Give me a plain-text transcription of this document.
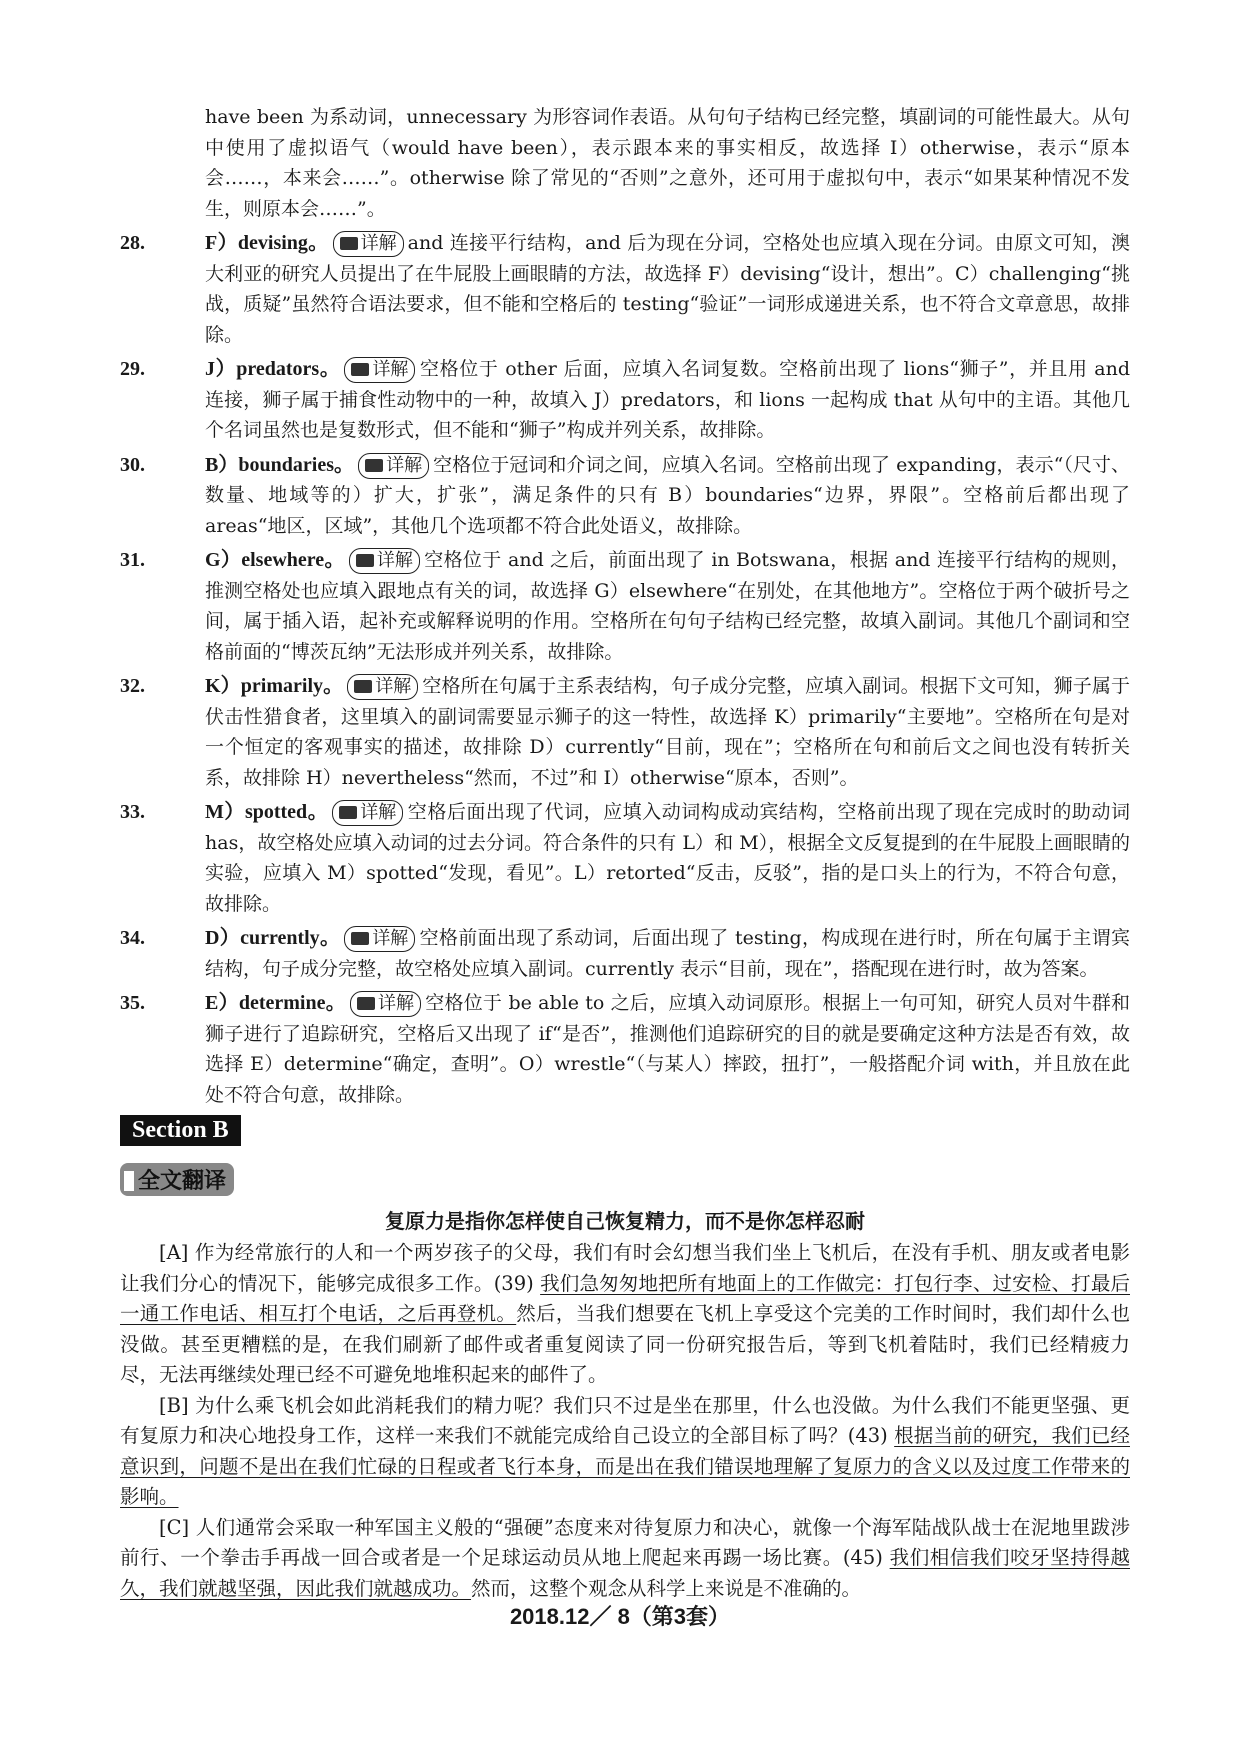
have been 为系动词，unnecessary 为形容词作表语。从句句子结构已经完整，填副词的可能性最大。从句中使用了虚拟语气（would have been），表示跟本来的事实相反，故选择 I）otherwise，表示“原本会……，本来会……”。otherwise 除了常见的“否则”之意外，还可用于虚拟句中，表示“如果某种情况不发生，则原本会……”。

28.	F）devising。 详解 and 连接平行结构，and 后为现在分词，空格处也应填入现在分词。由原文可知，澳大利亚的研究人员提出了在牛屁股上画眼睛的方法，故选择 F）devising“设计，想出”。C）challenging“挑战，质疑”虽然符合语法要求，但不能和空格后的 testing“验证”一词形成递进关系，也不符合文章意思，故排除。
29.	J）predators。 详解 空格位于 other 后面，应填入名词复数。空格前出现了 lions“狮子”，并且用 and 连接，狮子属于捕食性动物中的一种，故填入 J）predators，和 lions 一起构成 that 从句中的主语。其他几个名词虽然也是复数形式，但不能和“狮子”构成并列关系，故排除。
30.	B）boundaries。 详解 空格位于冠词和介词之间，应填入名词。空格前出现了 expanding，表示“（尺寸、数量、地域等的）扩大，扩张”，满足条件的只有 B）boundaries“边界，界限”。空格前后都出现了 areas“地区，区域”，其他几个选项都不符合此处语义，故排除。
31.	G）elsewhere。 详解 空格位于 and 之后，前面出现了 in Botswana，根据 and 连接平行结构的规则，推测空格处也应填入跟地点有关的词，故选择 G）elsewhere“在别处，在其他地方”。空格位于两个破折号之间，属于插入语，起补充或解释说明的作用。空格所在句句子结构已经完整，故填入副词。其他几个副词和空格前面的“博茨瓦纳”无法形成并列关系，故排除。
32.	K）primarily。 详解 空格所在句属于主系表结构，句子成分完整，应填入副词。根据下文可知，狮子属于伏击性猎食者，这里填入的副词需要显示狮子的这一特性，故选择 K）primarily“主要地”。空格所在句是对一个恒定的客观事实的描述，故排除 D）currently“目前，现在”；空格所在句和前后文之间也没有转折关系，故排除 H）nevertheless“然而，不过”和 I）otherwise“原本，否则”。
33.	M）spotted。 详解 空格后面出现了代词，应填入动词构成动宾结构，空格前出现了现在完成时的助动词 has，故空格处应填入动词的过去分词。符合条件的只有 L）和 M），根据全文反复提到的在牛屁股上画眼睛的实验，应填入 M）spotted“发现，看见”。L）retorted“反击，反驳”，指的是口头上的行为，不符合句意，故排除。
34.	D）currently。 详解 空格前面出现了系动词，后面出现了 testing，构成现在进行时，所在句属于主谓宾结构，句子成分完整，故空格处应填入副词。currently 表示“目前，现在”，搭配现在进行时，故为答案。
35.	E）determine。 详解 空格位于 be able to 之后，应填入动词原形。根据上一句可知，研究人员对牛群和狮子进行了追踪研究，空格后又出现了 if“是否”，推测他们追踪研究的目的就是要确定这种方法是否有效，故选择 E）determine“确定，查明”。O）wrestle“（与某人）摔跤，扭打”，一般搭配介词 with，并且放在此处不符合句意，故排除。
Section B
全文翻译
复原力是指你怎样使自己恢复精力，而不是你怎样忍耐

[A] 作为经常旅行的人和一个两岁孩子的父母，我们有时会幻想当我们坐上飞机后，在没有手机、朋友或者电影让我们分心的情况下，能够完成很多工作。(39) 我们急匆匆地把所有地面上的工作做完：打包行李、过安检、打最后一通工作电话、相互打个电话，之后再登机。然后，当我们想要在飞机上享受这个完美的工作时间时，我们却什么也没做。甚至更糟糕的是，在我们刷新了邮件或者重复阅读了同一份研究报告后，等到飞机着陆时，我们已经精疲力尽，无法再继续处理已经不可避免地堆积起来的邮件了。

[B] 为什么乘飞机会如此消耗我们的精力呢？我们只不过是坐在那里，什么也没做。为什么我们不能更坚强、更有复原力和决心地投身工作，这样一来我们不就能完成给自己设立的全部目标了吗？(43) 根据当前的研究，我们已经意识到，问题不是出在我们忙碌的日程或者飞行本身，而是出在我们错误地理解了复原力的含义以及过度工作带来的影响。

[C] 人们通常会采取一种军国主义般的“强硬”态度来对待复原力和决心，就像一个海军陆战队战士在泥地里跋涉前行、一个拳击手再战一回合或者是一个足球运动员从地上爬起来再踢一场比赛。(45) 我们相信我们咬牙坚持得越久，我们就越坚强，因此我们就越成功。然而，这整个观念从科学上来说是不准确的。

2018.12／ 8（第3套）
